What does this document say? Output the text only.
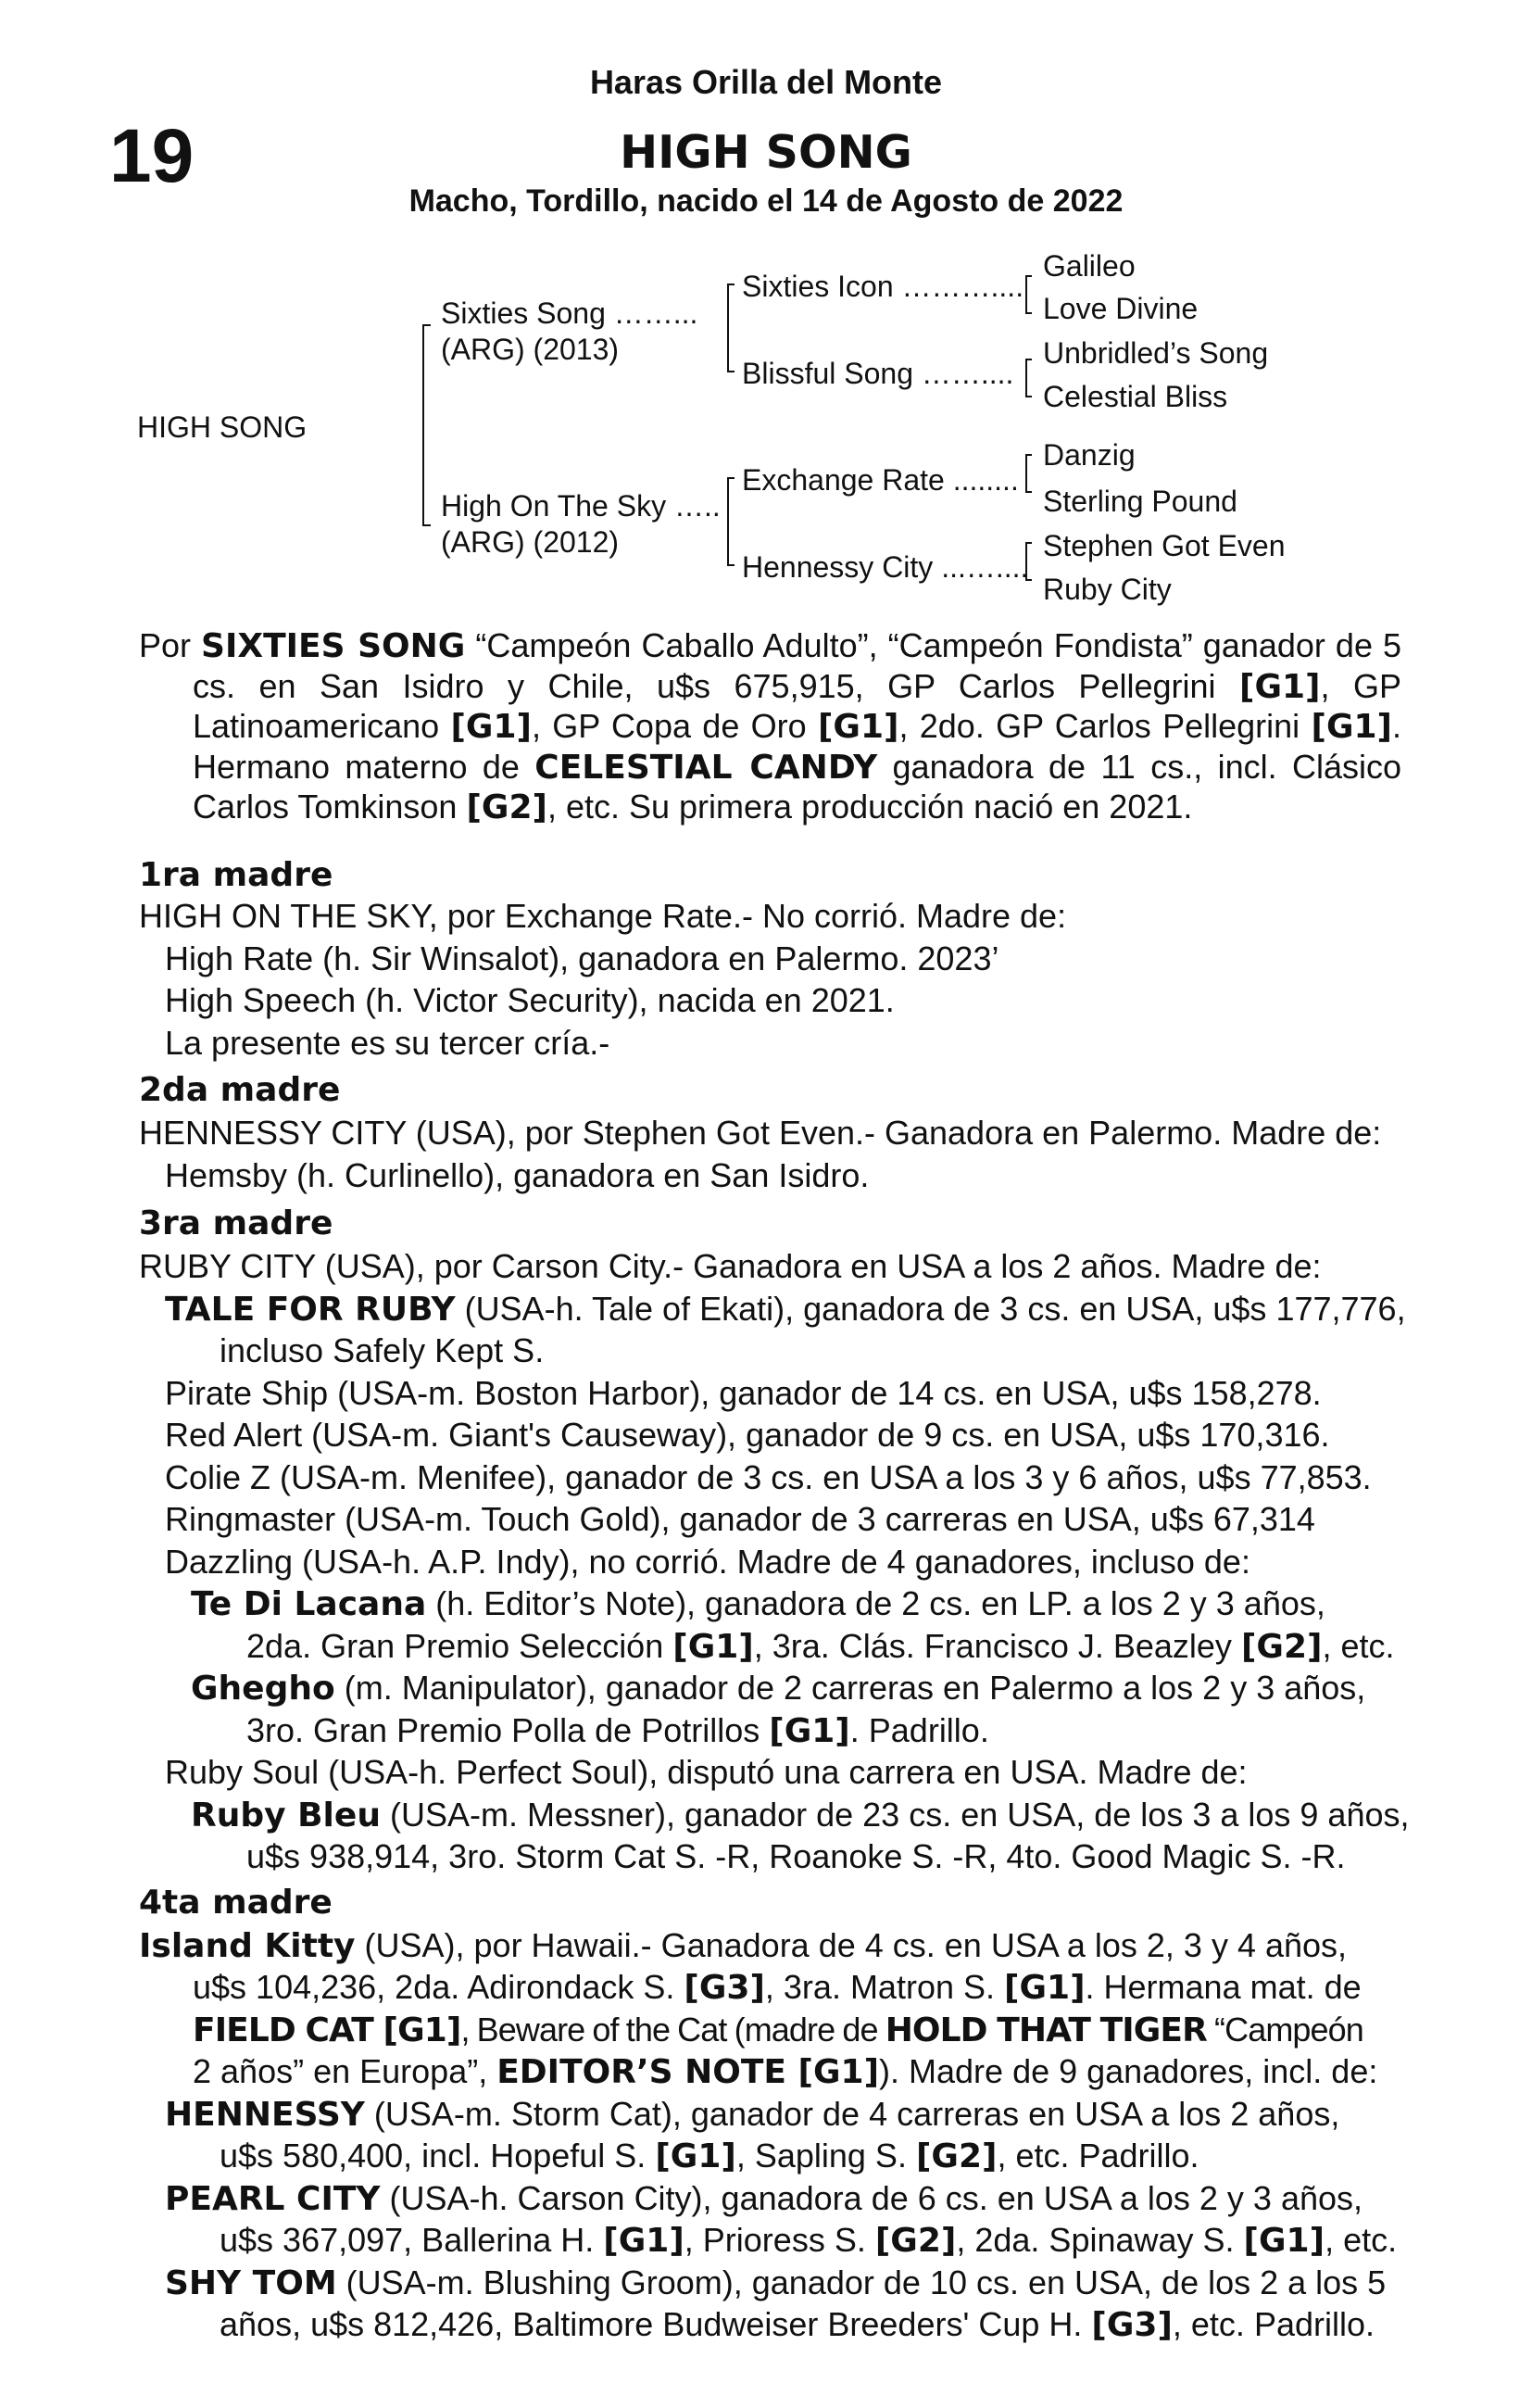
Haras Orilla del Monte
19	HIGH SONG
Macho, Tordillo, nacido el 14 de Agosto de 2022
HIGH SONG
Sixties Song ……...
(ARG) (2013)
High On The Sky …..
(ARG) (2012)
Sixties Icon ………....
Blissful Song ……....
Exchange Rate ........
Hennessy City ...…....
Galileo
Love Divine
Unbridled’s Song
Celestial Bliss
Danzig
Sterling Pound
Stephen Got Even
Ruby City
Por SIXTIES SONG “Campeón Caballo Adulto”, “Campeón Fondista” ganador de 5 cs. en San Isidro y Chile, u$s 675,915, GP Carlos Pellegrini [G1], GP Latinoamericano [G1], GP Copa de Oro [G1], 2do. GP Carlos Pellegrini [G1]. Hermano materno de CELESTIAL CANDY ganadora de 11 cs., incl. Clásico Carlos Tomkinson [G2], etc. Su primera producción nació en 2021.
1ra madre
HIGH ON THE SKY, por Exchange Rate.- No corrió. Madre de:
High Rate (h. Sir Winsalot), ganadora en Palermo. 2023’
High Speech (h. Victor Security), nacida en 2021.
La presente es su tercer cría.-
2da madre
HENNESSY CITY (USA), por Stephen Got Even.- Ganadora en Palermo. Madre de:
Hemsby (h. Curlinello), ganadora en San Isidro.
3ra madre
RUBY CITY (USA), por Carson City.- Ganadora en USA a los 2 años. Madre de:
TALE FOR RUBY (USA-h. Tale of Ekati), ganadora de 3 cs. en USA, u$s 177,776,
incluso Safely Kept S.
Pirate Ship (USA-m. Boston Harbor), ganador de 14 cs. en USA, u$s 158,278.
Red Alert (USA-m. Giant's Causeway), ganador de 9 cs. en USA, u$s 170,316.
Colie Z (USA-m. Menifee), ganador de 3 cs. en USA a los 3 y 6 años, u$s 77,853.
Ringmaster (USA-m. Touch Gold), ganador de 3 carreras en USA, u$s 67,314
Dazzling (USA-h. A.P. Indy), no corrió. Madre de 4 ganadores, incluso de:
Te Di Lacana (h. Editor’s Note), ganadora de 2 cs. en LP. a los 2 y 3 años,
2da. Gran Premio Selección [G1], 3ra. Clás. Francisco J. Beazley [G2], etc.
Ghegho (m. Manipulator), ganador de 2 carreras en Palermo a los 2 y 3 años,
3ro. Gran Premio Polla de Potrillos [G1]. Padrillo.
Ruby Soul (USA-h. Perfect Soul), disputó una carrera en USA. Madre de:
Ruby Bleu (USA-m. Messner), ganador de 23 cs. en USA, de los 3 a los 9 años,
u$s 938,914, 3ro. Storm Cat S. -R, Roanoke S. -R, 4to. Good Magic S. -R.
4ta madre
Island Kitty (USA), por Hawaii.- Ganadora de 4 cs. en USA a los 2, 3 y 4 años,
u$s 104,236, 2da. Adirondack S. [G3], 3ra. Matron S. [G1]. Hermana mat. de
FIELD CAT [G1], Beware of the Cat (madre de HOLD THAT TIGER “Campeón
2 años” en Europa”, EDITOR’S NOTE [G1]). Madre de 9 ganadores, incl. de:
HENNESSY (USA-m. Storm Cat), ganador de 4 carreras en USA a los 2 años,
u$s 580,400, incl. Hopeful S. [G1], Sapling S. [G2], etc. Padrillo.
PEARL CITY (USA-h. Carson City), ganadora de 6 cs. en USA a los 2 y 3 años,
u$s 367,097, Ballerina H. [G1], Prioress S. [G2], 2da. Spinaway S. [G1], etc.
SHY TOM (USA-m. Blushing Groom), ganador de 10 cs. en USA, de los 2 a los 5
años, u$s 812,426, Baltimore Budweiser Breeders' Cup H. [G3], etc. Padrillo.
